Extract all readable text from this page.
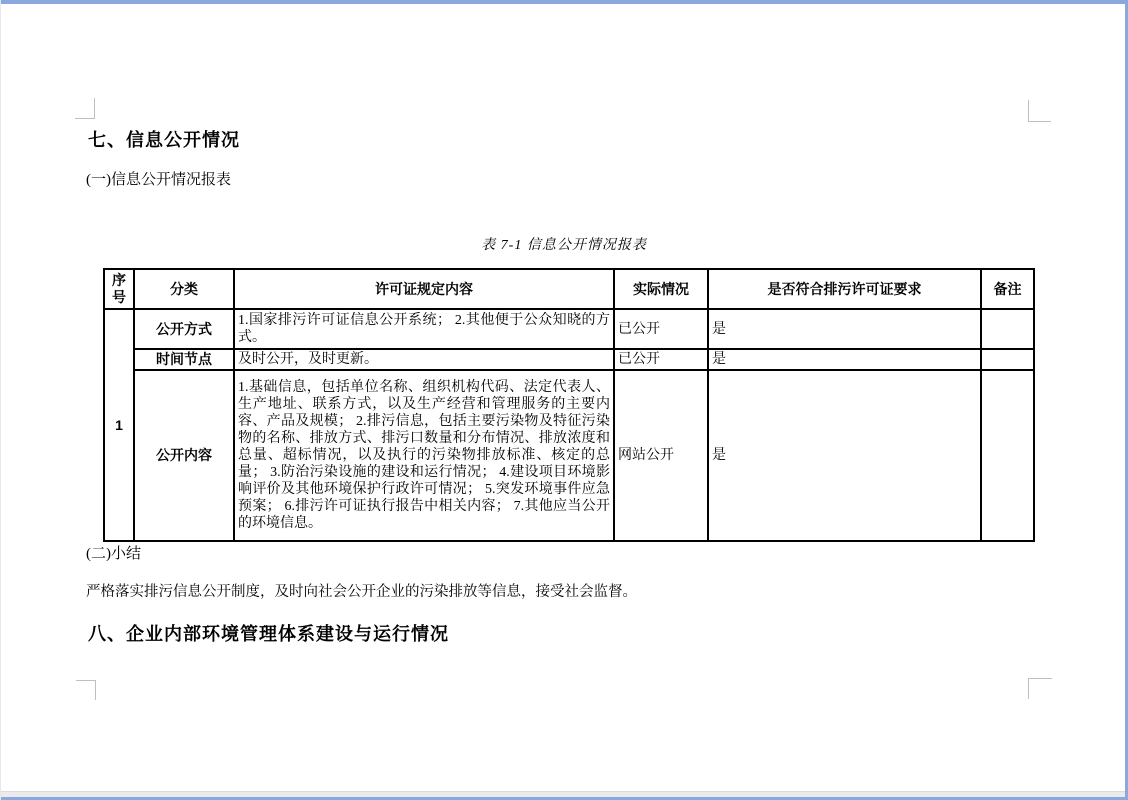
七、信息公开情况
(一)信息公开情况报表
表 7-1 信息公开情况报表
序号	分类	许可证规定内容	实际情况	是否符合排污许可证要求	备注
1	公开方式	1.国家排污许可证信息公开系统； 2.其他便于公众知晓的方式。	已公开	是	
	时间节点	及时公开，及时更新。	已公开	是	
	公开内容	1.基础信息，包括单位名称、组织机构代码、法定代表人、生产地址、联系方式，以及生产经营和管理服务的主要内容、产品及规模； 2.排污信息，包括主要污染物及特征污染物的名称、排放方式、排污口数量和分布情况、排放浓度和总量、超标情况，以及执行的污染物排放标准、核定的总量； 3.防治污染设施的建设和运行情况； 4.建设项目环境影响评价及其他环境保护行政许可情况； 5.突发环境事件应急预案； 6.排污许可证执行报告中相关内容； 7.其他应当公开的环境信息。	网站公开	是	
(二)小结
严格落实排污信息公开制度，及时向社会公开企业的污染排放等信息，接受社会监督。
八、企业内部环境管理体系建设与运行情况
